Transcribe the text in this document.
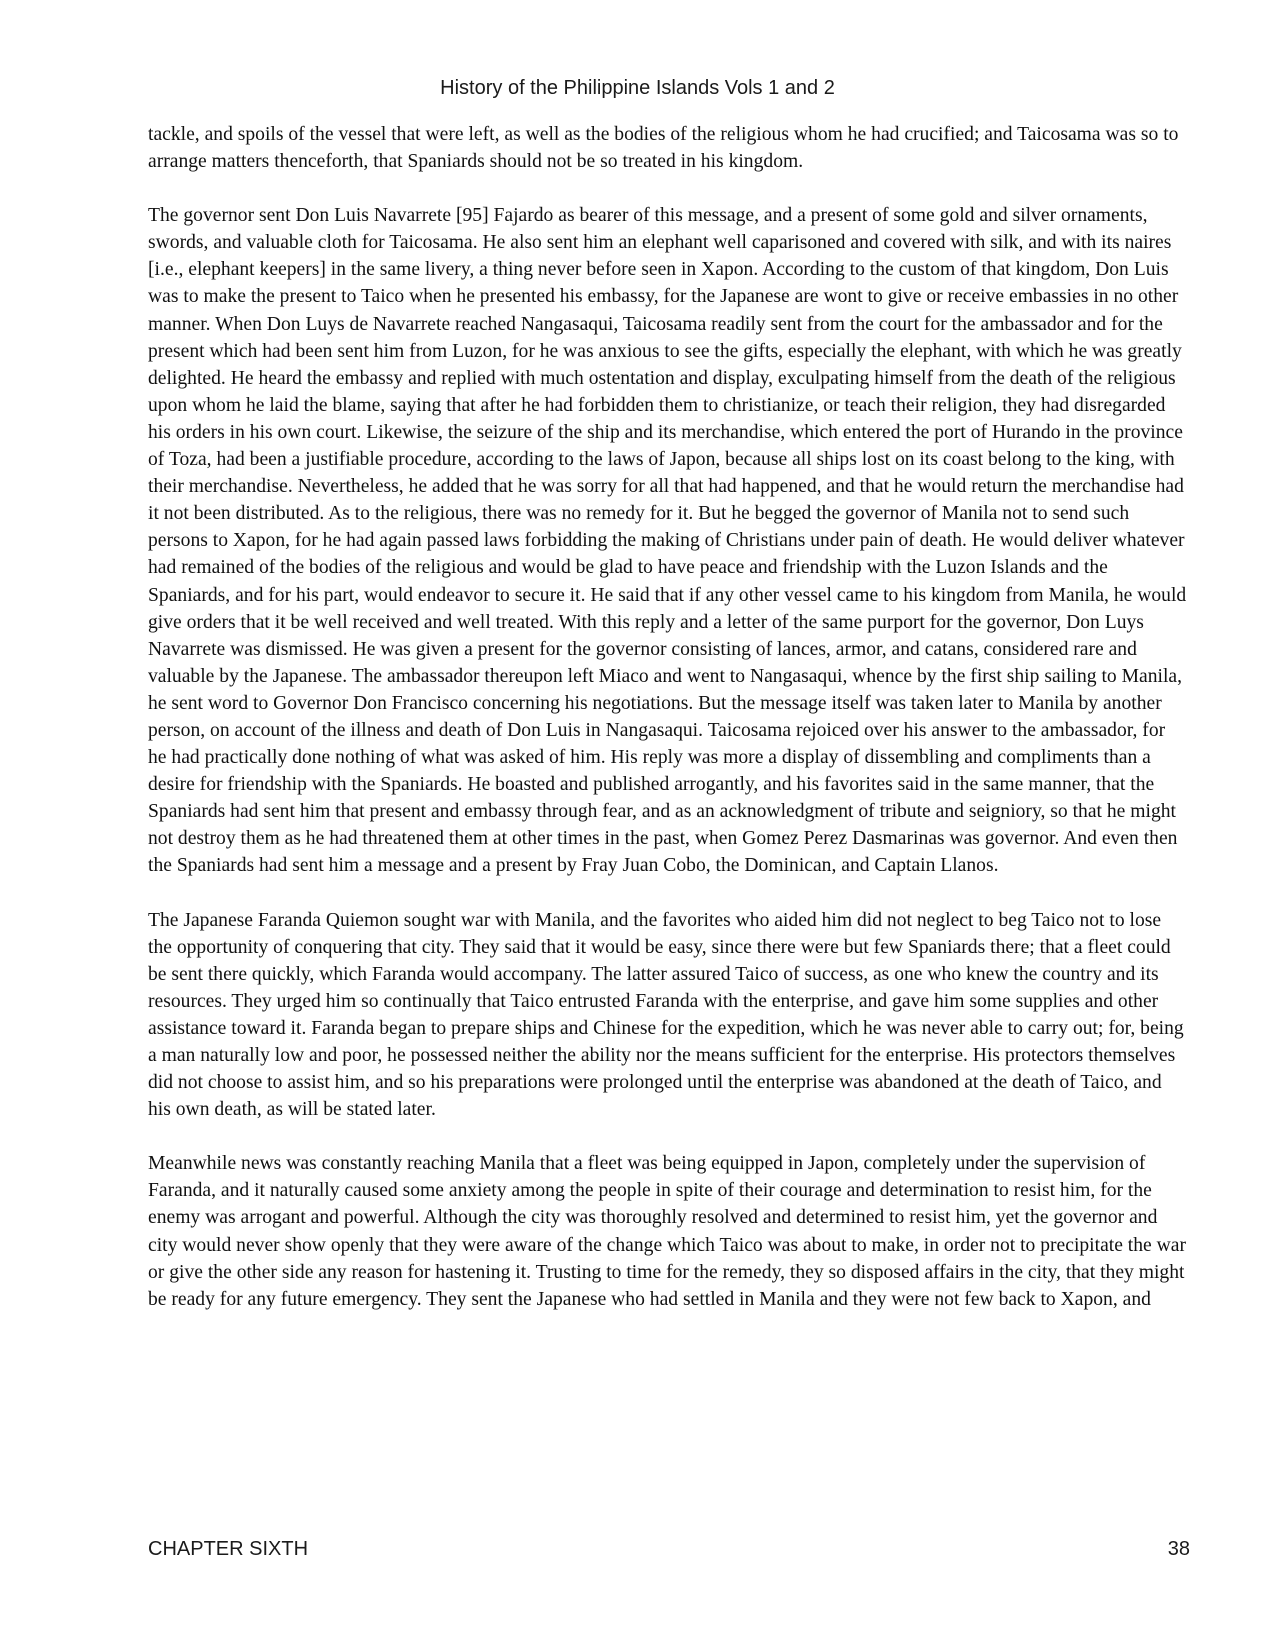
History of the Philippine Islands Vols 1 and 2

tackle, and spoils of the vessel that were left, as well as the bodies of the religious whom he had crucified; and Taicosama was so to arrange matters thenceforth, that Spaniards should not be so treated in his kingdom.

The governor sent Don Luis Navarrete [95] Fajardo as bearer of this message, and a present of some gold and silver ornaments, swords, and valuable cloth for Taicosama. He also sent him an elephant well caparisoned and covered with silk, and with its naires [i.e., elephant keepers] in the same livery, a thing never before seen in Xapon. According to the custom of that kingdom, Don Luis was to make the present to Taico when he presented his embassy, for the Japanese are wont to give or receive embassies in no other manner. When Don Luys de Navarrete reached Nangasaqui, Taicosama readily sent from the court for the ambassador and for the present which had been sent him from Luzon, for he was anxious to see the gifts, especially the elephant, with which he was greatly delighted. He heard the embassy and replied with much ostentation and display, exculpating himself from the death of the religious upon whom he laid the blame, saying that after he had forbidden them to christianize, or teach their religion, they had disregarded his orders in his own court. Likewise, the seizure of the ship and its merchandise, which entered the port of Hurando in the province of Toza, had been a justifiable procedure, according to the laws of Japon, because all ships lost on its coast belong to the king, with their merchandise. Nevertheless, he added that he was sorry for all that had happened, and that he would return the merchandise had it not been distributed. As to the religious, there was no remedy for it. But he begged the governor of Manila not to send such persons to Xapon, for he had again passed laws forbidding the making of Christians under pain of death. He would deliver whatever had remained of the bodies of the religious and would be glad to have peace and friendship with the Luzon Islands and the Spaniards, and for his part, would endeavor to secure it. He said that if any other vessel came to his kingdom from Manila, he would give orders that it be well received and well treated. With this reply and a letter of the same purport for the governor, Don Luys Navarrete was dismissed. He was given a present for the governor consisting of lances, armor, and catans, considered rare and valuable by the Japanese. The ambassador thereupon left Miaco and went to Nangasaqui, whence by the first ship sailing to Manila, he sent word to Governor Don Francisco concerning his negotiations. But the message itself was taken later to Manila by another person, on account of the illness and death of Don Luis in Nangasaqui. Taicosama rejoiced over his answer to the ambassador, for he had practically done nothing of what was asked of him. His reply was more a display of dissembling and compliments than a desire for friendship with the Spaniards. He boasted and published arrogantly, and his favorites said in the same manner, that the Spaniards had sent him that present and embassy through fear, and as an acknowledgment of tribute and seigniory, so that he might not destroy them as he had threatened them at other times in the past, when Gomez Perez Dasmarinas was governor. And even then the Spaniards had sent him a message and a present by Fray Juan Cobo, the Dominican, and Captain Llanos.

The Japanese Faranda Quiemon sought war with Manila, and the favorites who aided him did not neglect to beg Taico not to lose the opportunity of conquering that city. They said that it would be easy, since there were but few Spaniards there; that a fleet could be sent there quickly, which Faranda would accompany. The latter assured Taico of success, as one who knew the country and its resources. They urged him so continually that Taico entrusted Faranda with the enterprise, and gave him some supplies and other assistance toward it. Faranda began to prepare ships and Chinese for the expedition, which he was never able to carry out; for, being a man naturally low and poor, he possessed neither the ability nor the means sufficient for the enterprise. His protectors themselves did not choose to assist him, and so his preparations were prolonged until the enterprise was abandoned at the death of Taico, and his own death, as will be stated later.

Meanwhile news was constantly reaching Manila that a fleet was being equipped in Japon, completely under the supervision of Faranda, and it naturally caused some anxiety among the people in spite of their courage and determination to resist him, for the enemy was arrogant and powerful. Although the city was thoroughly resolved and determined to resist him, yet the governor and city would never show openly that they were aware of the change which Taico was about to make, in order not to precipitate the war or give the other side any reason for hastening it. Trusting to time for the remedy, they so disposed affairs in the city, that they might be ready for any future emergency. They sent the Japanese who had settled in Manila and they were not few back to Xapon, and

CHAPTER SIXTH	38
